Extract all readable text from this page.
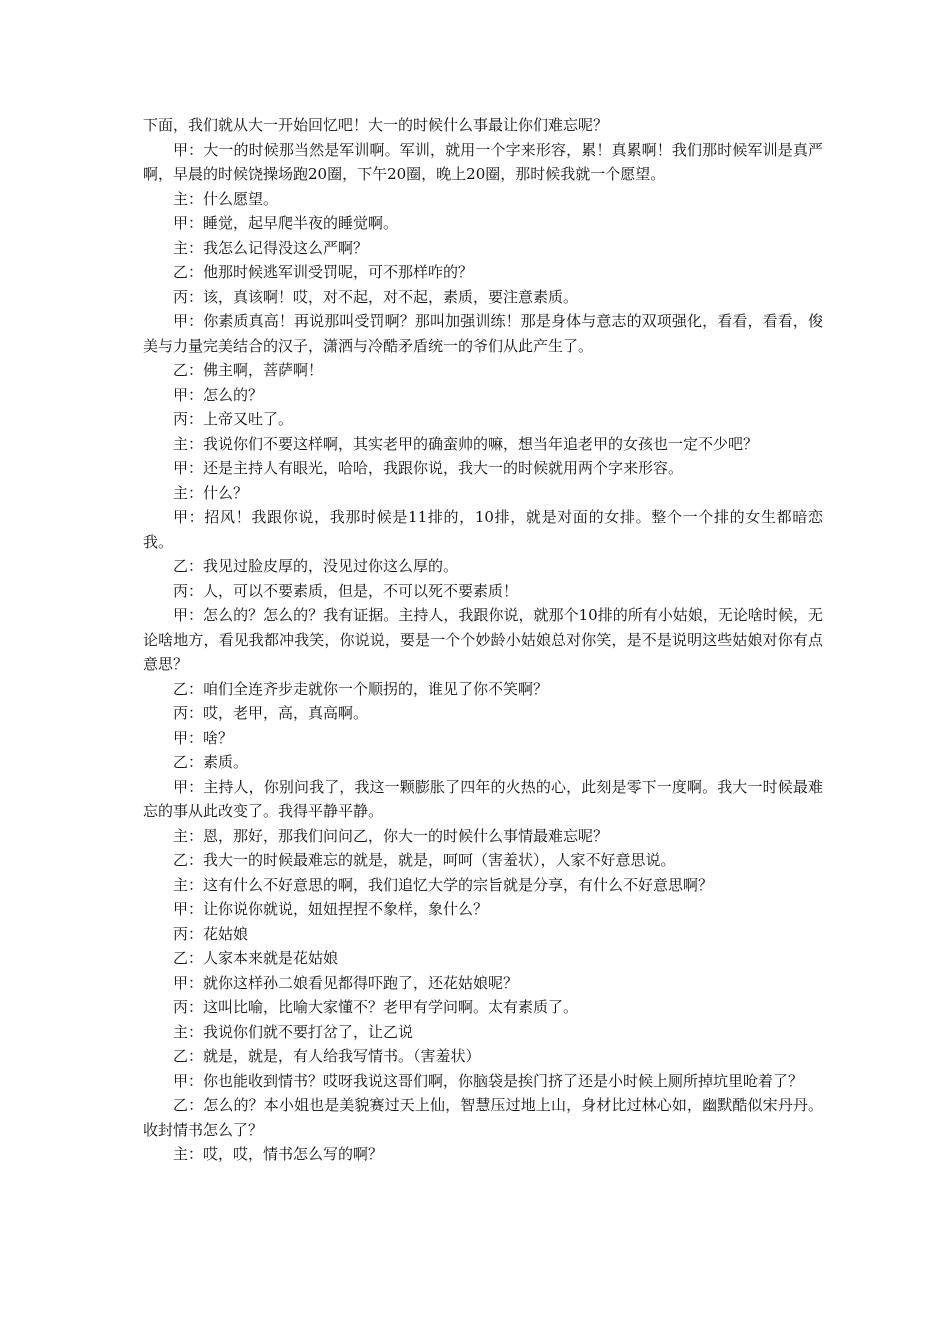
下面，我们就从大一开始回忆吧！大一的时候什么事最让你们难忘呢？

甲：大一的时候那当然是军训啊。军训，就用一个字来形容，累！真累啊！我们那时候军训是真严啊，早晨的时候饶操场跑20圈，下午20圈，晚上20圈，那时候我就一个愿望。

主：什么愿望。

甲：睡觉，起早爬半夜的睡觉啊。

主：我怎么记得没这么严啊？

乙：他那时候逃军训受罚呢，可不那样咋的？

丙：该，真该啊！哎，对不起，对不起，素质，要注意素质。

甲：你素质真高！再说那叫受罚啊？那叫加强训练！那是身体与意志的双项强化，看看，看看，俊美与力量完美结合的汉子，潇洒与冷酷矛盾统一的爷们从此产生了。

乙：佛主啊，菩萨啊！

甲：怎么的？

丙：上帝又吐了。

主：我说你们不要这样啊，其实老甲的确蛮帅的嘛，想当年追老甲的女孩也一定不少吧？

甲：还是主持人有眼光，哈哈，我跟你说，我大一的时候就用两个字来形容。

主：什么？

甲：招风！我跟你说，我那时候是11排的，10排，就是对面的女排。整个一个排的女生都暗恋我。

乙：我见过脸皮厚的，没见过你这么厚的。

丙：人，可以不要素质，但是，不可以死不要素质！

甲：怎么的？怎么的？我有证据。主持人，我跟你说，就那个10排的所有小姑娘，无论啥时候，无论啥地方，看见我都冲我笑，你说说，要是一个个妙龄小姑娘总对你笑，是不是说明这些姑娘对你有点意思？

乙：咱们全连齐步走就你一个顺拐的，谁见了你不笑啊？

丙：哎，老甲，高，真高啊。

甲：啥？

乙：素质。

甲：主持人，你别问我了，我这一颗膨胀了四年的火热的心，此刻是零下一度啊。我大一时候最难忘的事从此改变了。我得平静平静。

主：恩，那好，那我们问问乙，你大一的时候什么事情最难忘呢？

乙：我大一的时候最难忘的就是，就是，呵呵（害羞状），人家不好意思说。

主：这有什么不好意思的啊，我们追忆大学的宗旨就是分享，有什么不好意思啊？

甲：让你说你就说，妞妞捏捏不象样，象什么？

丙：花姑娘

乙：人家本来就是花姑娘

甲：就你这样孙二娘看见都得吓跑了，还花姑娘呢？

丙：这叫比喻，比喻大家懂不？老甲有学问啊。太有素质了。

主：我说你们就不要打岔了，让乙说

乙：就是，就是，有人给我写情书。（害羞状）

甲：你也能收到情书？哎呀我说这哥们啊，你脑袋是挨门挤了还是小时候上厕所掉坑里呛着了？

乙：怎么的？本小姐也是美貌赛过天上仙，智慧压过地上山，身材比过林心如，幽默酷似宋丹丹。收封情书怎么了？

主：哎，哎，情书怎么写的啊？
